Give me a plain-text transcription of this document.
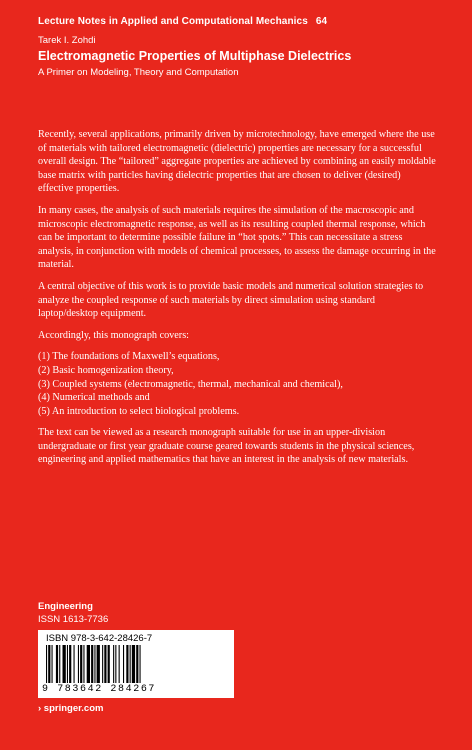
Lecture Notes in Applied and Computational Mechanics 64
Tarek I. Zohdi
Electromagnetic Properties of Multiphase Dielectrics
A Primer on Modeling, Theory and Computation

Recently, several applications, primarily driven by microtechnology, have emerged where the use of materials with tailored electromagnetic (dielectric) properties are necessary for a successful overall design. The “tailored” aggregate properties are achieved by combining an easily moldable base matrix with particles having dielectric properties that are chosen to deliver (desired) effective properties.

In many cases, the analysis of such materials requires the simulation of the macroscopic and microscopic electromagnetic response, as well as its resulting coupled thermal response, which can be important to determine possible failure in “hot spots.” This can necessitate a stress analysis, in conjunction with models of chemical processes, to assess the damage occurring in the material.

A central objective of this work is to provide basic models and numerical solution strategies to analyze the coupled response of such materials by direct simulation using standard laptop/desktop equipment.

Accordingly, this monograph covers:

(1) The foundations of Maxwell’s equations,
(2) Basic homogenization theory,
(3) Coupled systems (electromagnetic, thermal, mechanical and chemical),
(4) Numerical methods and
(5) An introduction to select biological problems.

The text can be viewed as a research monograph suitable for use in an upper-division undergraduate or first year graduate course geared towards students in the physical sciences, engineering and applied mathematics that have an interest in the analysis of new materials.

Engineering
ISSN 1613-7736
ISBN 978-3-642-28426-7
9 783642 284267
› springer.com
